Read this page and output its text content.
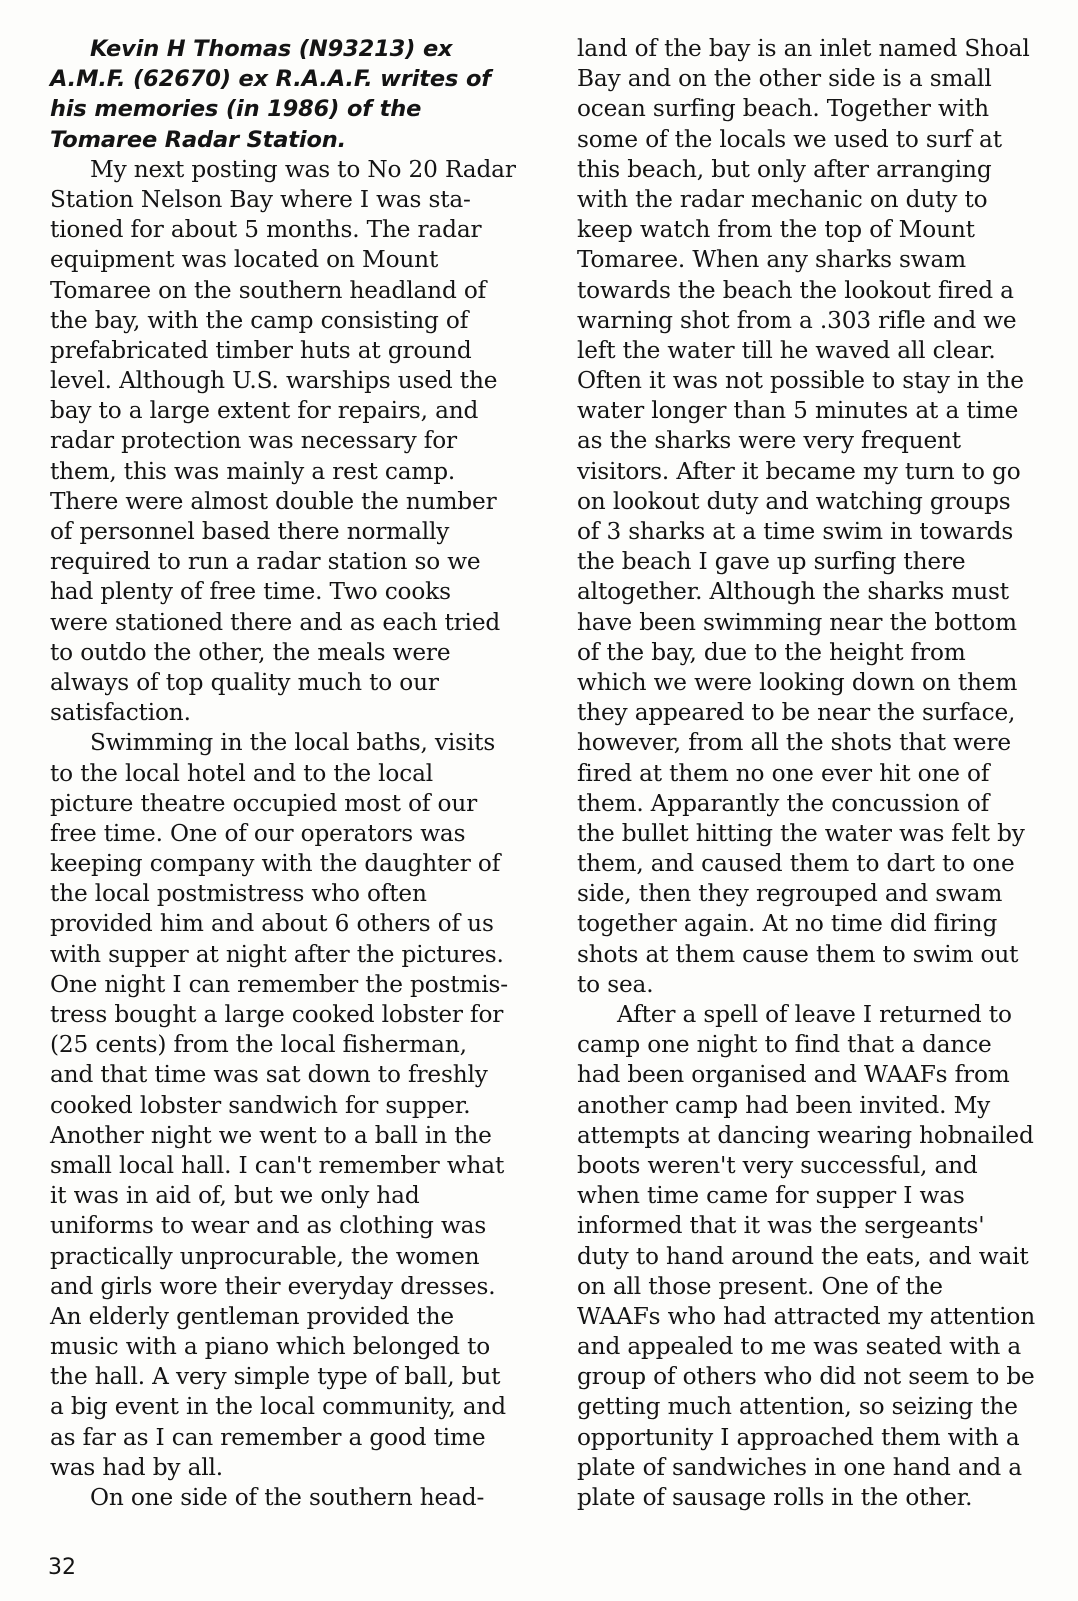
Kevin H Thomas (N93213) ex
A.M.F. (62670) ex R.A.A.F. writes of
his memories (in 1986) of the
Tomaree Radar Station.
My next posting was to No 20 Radar
Station Nelson Bay where I was sta-
tioned for about 5 months. The radar
equipment was located on Mount
Tomaree on the southern headland of
the bay, with the camp consisting of
prefabricated timber huts at ground
level. Although U.S. warships used the
bay to a large extent for repairs, and
radar protection was necessary for
them, this was mainly a rest camp.
There were almost double the number
of personnel based there normally
required to run a radar station so we
had plenty of free time. Two cooks
were stationed there and as each tried
to outdo the other, the meals were
always of top quality much to our
satisfaction.
Swimming in the local baths, visits
to the local hotel and to the local
picture theatre occupied most of our
free time. One of our operators was
keeping company with the daughter of
the local postmistress who often
provided him and about 6 others of us
with supper at night after the pictures.
One night I can remember the postmis-
tress bought a large cooked lobster for
(25 cents) from the local fisherman,
and that time was sat down to freshly
cooked lobster sandwich for supper.
Another night we went to a ball in the
small local hall. I can't remember what
it was in aid of, but we only had
uniforms to wear and as clothing was
practically unprocurable, the women
and girls wore their everyday dresses.
An elderly gentleman provided the
music with a piano which belonged to
the hall. A very simple type of ball, but
a big event in the local community, and
as far as I can remember a good time
was had by all.
On one side of the southern head-
land of the bay is an inlet named Shoal
Bay and on the other side is a small
ocean surfing beach. Together with
some of the locals we used to surf at
this beach, but only after arranging
with the radar mechanic on duty to
keep watch from the top of Mount
Tomaree. When any sharks swam
towards the beach the lookout fired a
warning shot from a .303 rifle and we
left the water till he waved all clear.
Often it was not possible to stay in the
water longer than 5 minutes at a time
as the sharks were very frequent
visitors. After it became my turn to go
on lookout duty and watching groups
of 3 sharks at a time swim in towards
the beach I gave up surfing there
altogether. Although the sharks must
have been swimming near the bottom
of the bay, due to the height from
which we were looking down on them
they appeared to be near the surface,
however, from all the shots that were
fired at them no one ever hit one of
them. Apparantly the concussion of
the bullet hitting the water was felt by
them, and caused them to dart to one
side, then they regrouped and swam
together again. At no time did firing
shots at them cause them to swim out
to sea.
After a spell of leave I returned to
camp one night to find that a dance
had been organised and WAAFs from
another camp had been invited. My
attempts at dancing wearing hobnailed
boots weren't very successful, and
when time came for supper I was
informed that it was the sergeants'
duty to hand around the eats, and wait
on all those present. One of the
WAAFs who had attracted my attention
and appealed to me was seated with a
group of others who did not seem to be
getting much attention, so seizing the
opportunity I approached them with a
plate of sandwiches in one hand and a
plate of sausage rolls in the other.
32
